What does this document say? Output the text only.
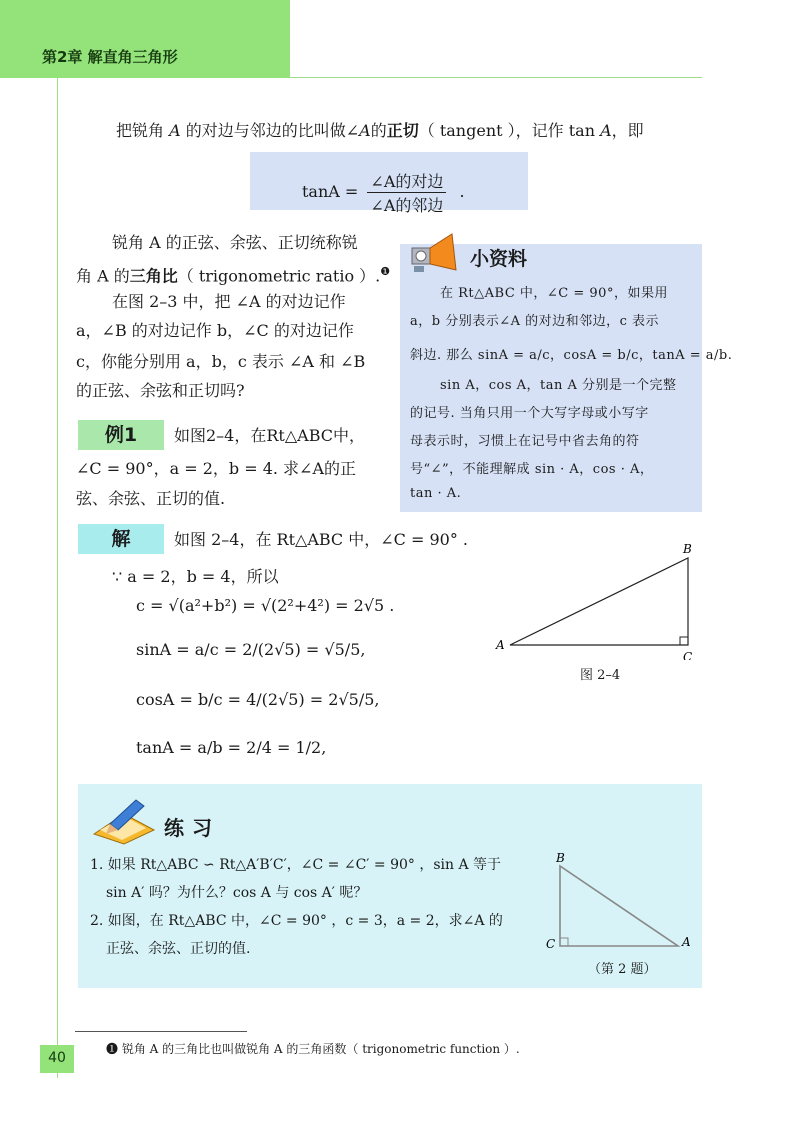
第2章 解直角三角形
把锐角 A 的对边与邻边的比叫做∠A的正切（ tangent ），记作 tan A，即
$\tan A = \frac{\text{∠A的对边}}{\text{∠A的邻边}}$ .
锐角 A 的正弦、余弦、正切统称锐
角 A 的三角比（ trigonometric ratio ）.$^❶$
在图 2–3 中，把 ∠A 的对边记作
a，∠B 的对边记作 b，∠C 的对边记作
c，你能分别用 a，b，c 表示 ∠A 和 ∠B
的正弦、余弦和正切吗?
小资料
在 Rt△ABC 中，∠C = 90°，如果用
a，b 分别表示∠A 的对边和邻边，c 表示
斜边. 那么 sinA = a/c，cosA = b/c，tanA = a/b.
sin A，cos A，tan A 分别是一个完整
的记号. 当角只用一个大写字母或小写字
母表示时，习惯上在记号中省去角的符
号“∠”，不能理解成 sin · A，cos · A，
tan · A.
例1	如图2–4，在Rt△ABC中，
∠C = 90°，a = 2，b = 4. 求∠A的正
弦、余弦、正切的值.
解	如图 2–4，在 Rt△ABC 中，∠C = 90° .
∵ a = 2，b = 4，所以
c = √(a²+b²) = √(2²+4²) = 2√5 .
sinA = a/c = 2/(2√5) = √5/5,
cosA = b/c = 4/(2√5) = 2√5/5,
tanA = a/b = 2/4 = 1/2,
A
B
C
图 2–4
练习
1. 如果 Rt△ABC ∽ Rt△A′B′C′，∠C = ∠C′ = 90° ，sin A 等于
sin A′ 吗？为什么？cos A 与 cos A′ 呢？
2. 如图，在 Rt△ABC 中，∠C = 90° ，c = 3，a = 2，求∠A 的
正弦、余弦、正切的值.
B
C	A
（第 2 题）
❶ 锐角 A 的三角比也叫做锐角 A 的三角函数（ trigonometric function ）.
40
